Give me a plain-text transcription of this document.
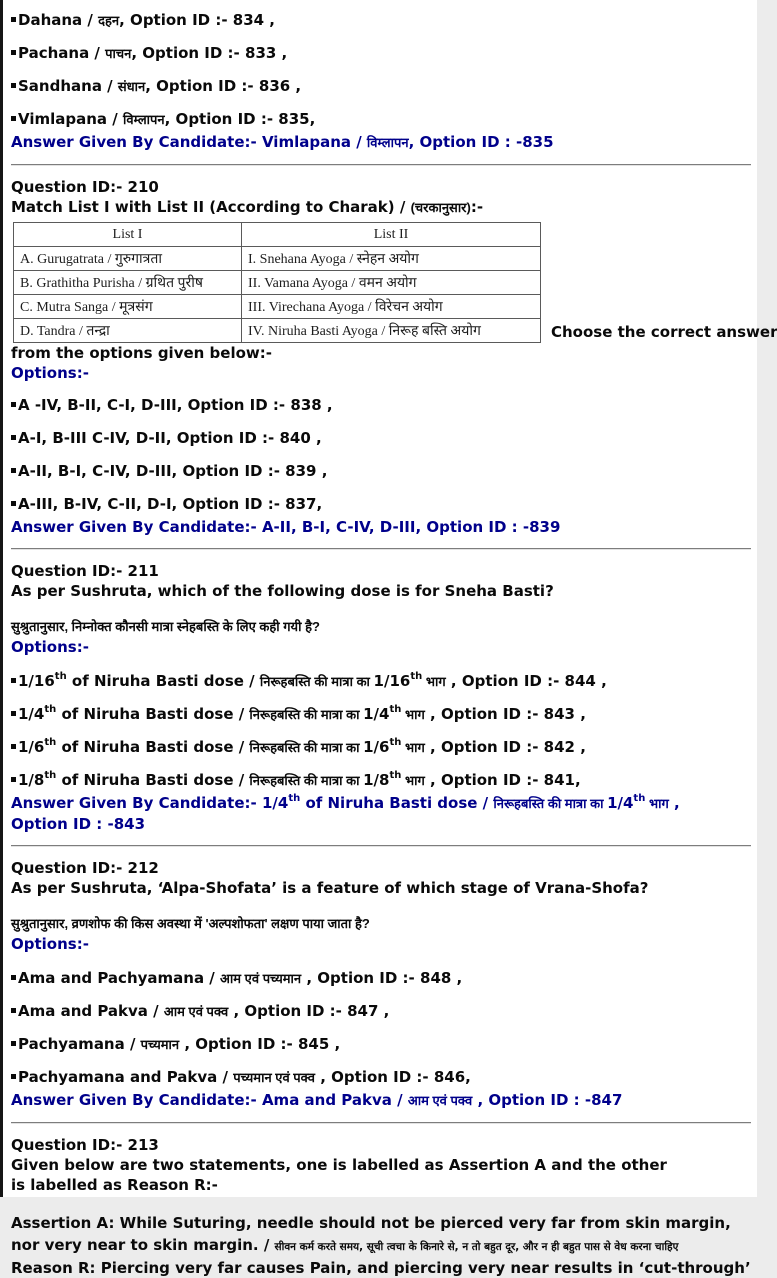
Dahana / दहन, Option ID :- 834 ,
Pachana / पाचन, Option ID :- 833 ,
Sandhana / संधान, Option ID :- 836 ,
Vimlapana / विम्लापन, Option ID :- 835,
Answer Given By Candidate:- Vimlapana / विम्लापन, Option ID : -835
Question ID:- 210
Match List I with List II (According to Charak) / (चरकानुसार):-
List I	List II
A. Gurugatrata / गुरुगात्रता	I. Snehana Ayoga / स्नेहन अयोग
B. Grathitha Purisha / ग्रथित पुरीष	II. Vamana Ayoga / वमन अयोग
C. Mutra Sanga / मूत्रसंग	III. Virechana Ayoga / विरेचन अयोग
D. Tandra / तन्द्रा	IV. Niruha Basti Ayoga / निरूह बस्ति अयोग	Choose the correct answer
from the options given below:-
Options:-
A -IV, B-II, C-I, D-III, Option ID :- 838 ,
A-I, B-III C-IV, D-II, Option ID :- 840 ,
A-II, B-I, C-IV, D-III, Option ID :- 839 ,
A-III, B-IV, C-II, D-I, Option ID :- 837,
Answer Given By Candidate:- A-II, B-I, C-IV, D-III, Option ID : -839
Question ID:- 211
As per Sushruta, which of the following dose is for Sneha Basti?
सुश्रुतानुसार, निम्नोक्त कौनसी मात्रा स्नेहबस्ति के लिए कही गयी है?
Options:-
1/16th of Niruha Basti dose / निरूहबस्ति की मात्रा का 1/16th भाग , Option ID :- 844 ,
1/4th of Niruha Basti dose / निरूहबस्ति की मात्रा का 1/4th भाग , Option ID :- 843 ,
1/6th of Niruha Basti dose / निरूहबस्ति की मात्रा का 1/6th भाग , Option ID :- 842 ,
1/8th of Niruha Basti dose / निरूहबस्ति की मात्रा का 1/8th भाग , Option ID :- 841,
Answer Given By Candidate:- 1/4th of Niruha Basti dose / निरूहबस्ति की मात्रा का 1/4th भाग ,
Option ID : -843
Question ID:- 212
As per Sushruta, ‘Alpa-Shofata’ is a feature of which stage of Vrana-Shofa?
सुश्रुतानुसार, व्रणशोफ की किस अवस्था में 'अल्पशोफता' लक्षण पाया जाता है?
Options:-
Ama and Pachyamana / आम एवं पच्यमान , Option ID :- 848 ,
Ama and Pakva / आम एवं पक्व , Option ID :- 847 ,
Pachyamana / पच्यमान , Option ID :- 845 ,
Pachyamana and Pakva / पच्यमान एवं पक्व , Option ID :- 846,
Answer Given By Candidate:- Ama and Pakva / आम एवं पक्व , Option ID : -847
Question ID:- 213
Given below are two statements, one is labelled as Assertion A and the other
is labelled as Reason R:-
Assertion A: While Suturing, needle should not be pierced very far from skin margin, nor very near to skin margin. / सीवन कर्म करते समय, सूची त्वचा के किनारे से, न तो बहुत दूर, और न ही बहुत पास से वेध करना चाहिए
Reason R: Piercing very far causes Pain, and piercing very near results in ‘cut-through’
